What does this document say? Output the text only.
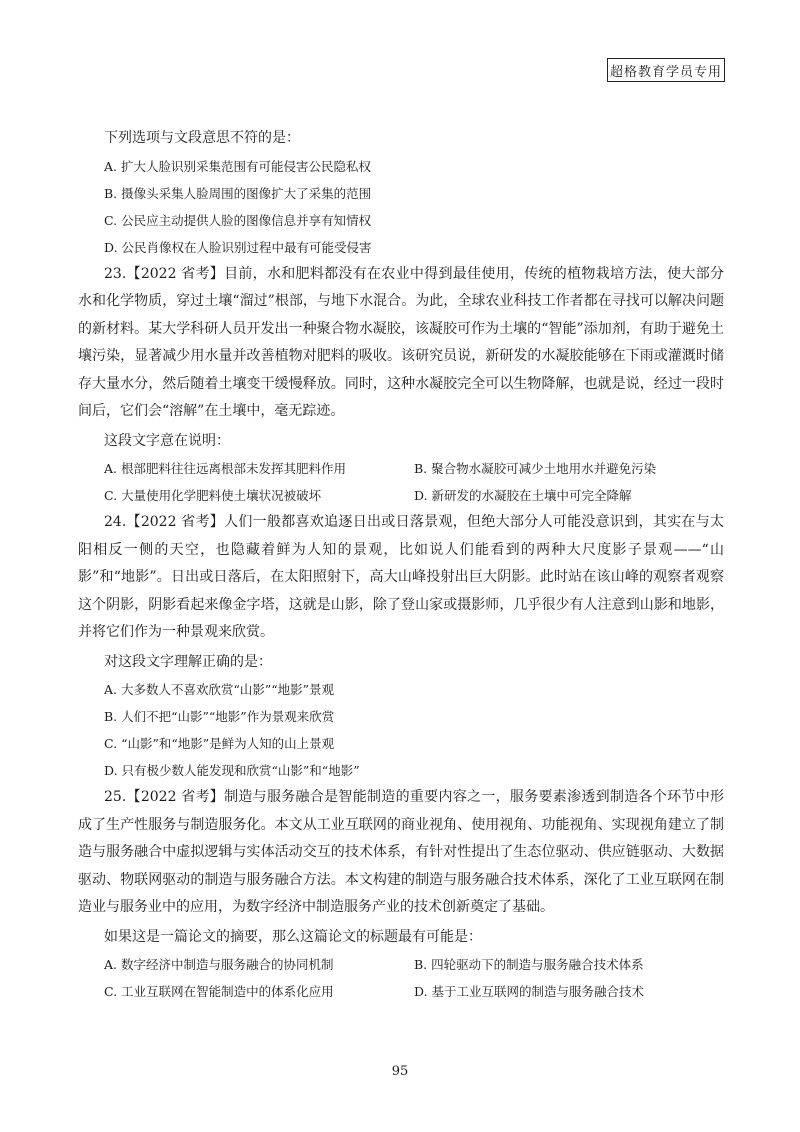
超格教育学员专用

下列选项与文段意思不符的是：

A. 扩大人脸识别采集范围有可能侵害公民隐私权

B. 摄像头采集人脸周围的图像扩大了采集的范围

C. 公民应主动提供人脸的图像信息并享有知情权

D. 公民肖像权在人脸识别过程中最有可能受侵害

23.【2022 省考】目前，水和肥料都没有在农业中得到最佳使用，传统的植物栽培方法，使大部分水和化学物质，穿过土壤“溜过”根部，与地下水混合。为此，全球农业科技工作者都在寻找可以解决问题的新材料。某大学科研人员开发出一种聚合物水凝胶，该凝胶可作为土壤的“智能”添加剂，有助于避免土壤污染，显著减少用水量并改善植物对肥料的吸收。该研究员说，新研发的水凝胶能够在下雨或灌溉时储存大量水分，然后随着土壤变干缓慢释放。同时，这种水凝胶完全可以生物降解，也就是说，经过一段时间后，它们会“溶解”在土壤中，毫无踪迹。

这段文字意在说明：

A. 根部肥料往往远离根部未发挥其肥料作用	B. 聚合物水凝胶可减少土地用水并避免污染

C. 大量使用化学肥料使土壤状况被破坏	D. 新研发的水凝胶在土壤中可完全降解

24.【2022 省考】人们一般都喜欢追逐日出或日落景观，但绝大部分人可能没意识到，其实在与太阳相反一侧的天空，也隐藏着鲜为人知的景观，比如说人们能看到的两种大尺度影子景观——“山影”和“地影”。日出或日落后，在太阳照射下，高大山峰投射出巨大阴影。此时站在该山峰的观察者观察这个阴影，阴影看起来像金字塔，这就是山影，除了登山家或摄影师，几乎很少有人注意到山影和地影，并将它们作为一种景观来欣赏。

对这段文字理解正确的是：

A. 大多数人不喜欢欣赏“山影”“地影”景观

B. 人们不把“山影”“地影”作为景观来欣赏

C. “山影”和“地影”是鲜为人知的山上景观

D. 只有极少数人能发现和欣赏“山影”和“地影”

25.【2022 省考】制造与服务融合是智能制造的重要内容之一，服务要素渗透到制造各个环节中形成了生产性服务与制造服务化。本文从工业互联网的商业视角、使用视角、功能视角、实现视角建立了制造与服务融合中虚拟逻辑与实体活动交互的技术体系，有针对性提出了生态位驱动、供应链驱动、大数据驱动、物联网驱动的制造与服务融合方法。本文构建的制造与服务融合技术体系，深化了工业互联网在制造业与服务业中的应用，为数字经济中制造服务产业的技术创新奠定了基础。

如果这是一篇论文的摘要，那么这篇论文的标题最有可能是：

A. 数字经济中制造与服务融合的协同机制	B. 四轮驱动下的制造与服务融合技术体系

C. 工业互联网在智能制造中的体系化应用	D. 基于工业互联网的制造与服务融合技术

95
